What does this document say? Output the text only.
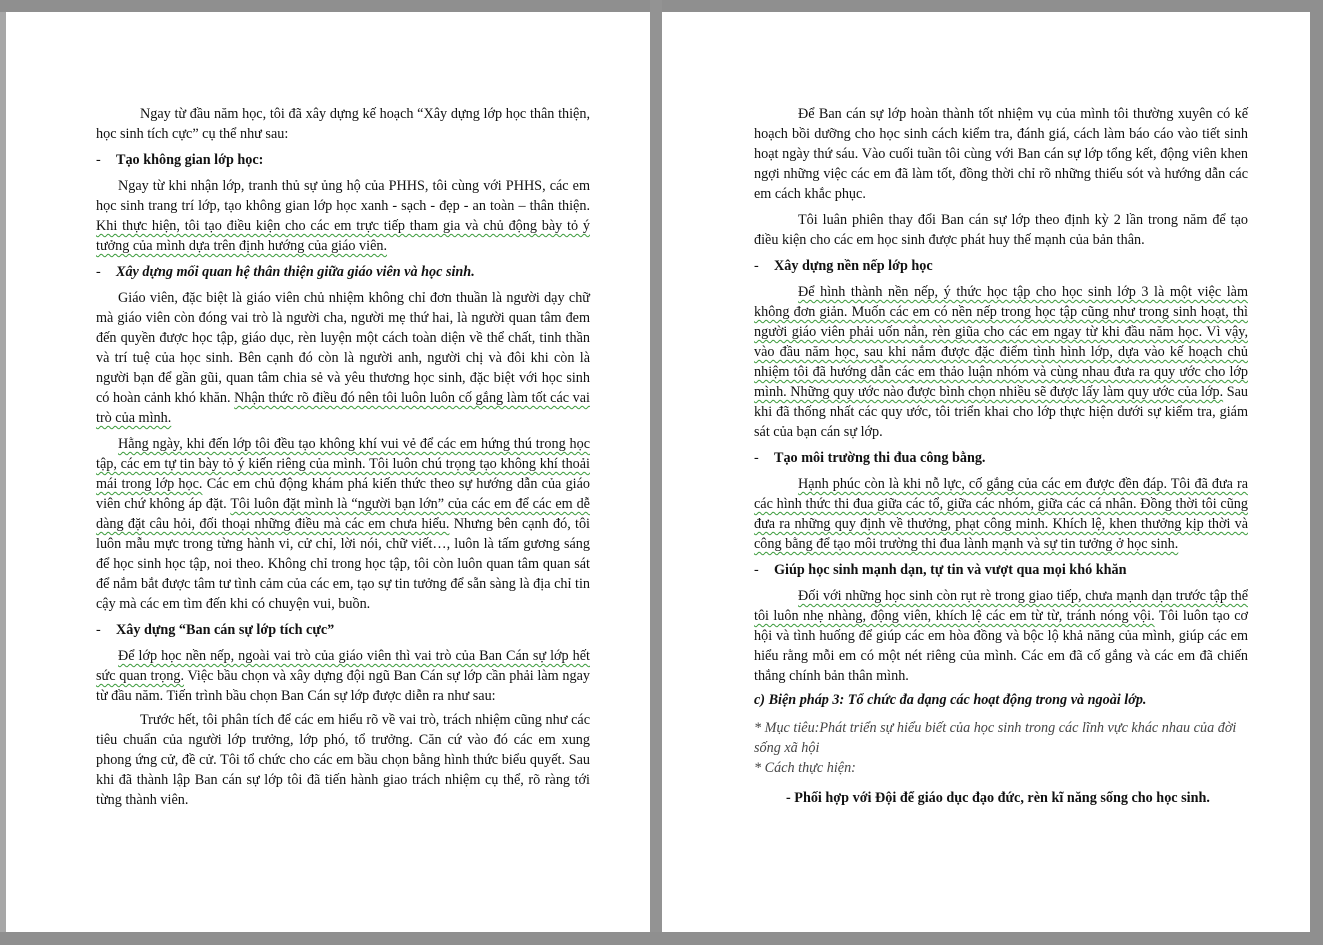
Ngay từ đầu năm học, tôi đã xây dựng kế hoạch “Xây dựng lớp học thân thiện, học sinh tích cực” cụ thể như sau:

-	Tạo không gian lớp học:

Ngay từ khi nhận lớp, tranh thủ sự ủng hộ của PHHS, tôi cùng với PHHS, các em học sinh trang trí lớp, tạo không gian lớp học xanh - sạch - đẹp - an toàn – thân thiện. Khi thực hiện, tôi tạo điều kiện cho các em trực tiếp tham gia và chủ động bày tỏ ý tưởng của mình dựa trên định hướng của giáo viên.

-	Xây dựng mối quan hệ thân thiện giữa giáo viên và học sinh.

Giáo viên, đặc biệt là giáo viên chủ nhiệm không chỉ đơn thuần là người dạy chữ mà giáo viên còn đóng vai trò là người cha, người mẹ thứ hai, là người quan tâm đem đến quyền được học tập, giáo dục, rèn luyện một cách toàn diện về thể chất, tinh thần và trí tuệ của học sinh. Bên cạnh đó còn là người anh, người chị và đôi khi còn là người bạn để gần gũi, quan tâm chia sẻ và yêu thương học sinh, đặc biệt với học sinh có hoàn cảnh khó khăn. Nhận thức rõ điều đó nên tôi luôn luôn cố gắng làm tốt các vai trò của mình.

Hằng ngày, khi đến lớp tôi đều tạo không khí vui vẻ để các em hứng thú trong học tập, các em tự tin bày tỏ ý kiến riêng của mình. Tôi luôn chú trọng tạo không khí thoải mái trong lớp học. Các em chủ động khám phá kiến thức theo sự hướng dẫn của giáo viên chứ không áp đặt. Tôi luôn đặt mình là “người bạn lớn” của các em để các em dễ dàng đặt câu hỏi, đối thoại những điều mà các em chưa hiểu. Nhưng bên cạnh đó, tôi luôn mẫu mực trong từng hành vi, cử chỉ, lời nói, chữ viết…, luôn là tấm gương sáng để học sinh học tập, noi theo. Không chỉ trong học tập, tôi còn luôn quan tâm quan sát để nắm bắt được tâm tư tình cảm của các em, tạo sự tin tưởng để sẵn sàng là địa chỉ tin cậy mà các em tìm đến khi có chuyện vui, buồn.

-	Xây dựng “Ban cán sự lớp tích cực”

Để lớp học nền nếp, ngoài vai trò của giáo viên thì vai trò của Ban Cán sự lớp hết sức quan trọng. Việc bầu chọn và xây dựng đội ngũ Ban Cán sự lớp cần phải làm ngay từ đầu năm. Tiến trình bầu chọn Ban Cán sự lớp được diễn ra như sau:

Trước hết, tôi phân tích để các em hiểu rõ về vai trò, trách nhiệm cũng như các tiêu chuẩn của người lớp trưởng, lớp phó, tổ trưởng. Căn cứ vào đó các em xung phong ứng cử, đề cử. Tôi tổ chức cho các em bầu chọn bằng hình thức biểu quyết. Sau khi đã thành lập Ban cán sự lớp tôi đã tiến hành giao trách nhiệm cụ thể, rõ ràng tới từng thành viên.

Để Ban cán sự lớp hoàn thành tốt nhiệm vụ của mình tôi thường xuyên có kế hoạch bồi dưỡng cho học sinh cách kiểm tra, đánh giá, cách làm báo cáo vào tiết sinh hoạt ngày thứ sáu. Vào cuối tuần tôi cùng với Ban cán sự lớp tổng kết, động viên khen ngợi những việc các em đã làm tốt, đồng thời chỉ rõ những thiếu sót và hướng dẫn các em cách khắc phục.

Tôi luân phiên thay đổi Ban cán sự lớp theo định kỳ 2 lần trong năm để tạo điều kiện cho các em học sinh được phát huy thế mạnh của bản thân.

-	Xây dựng nền nếp lớp học

Để hình thành nền nếp, ý thức học tập cho học sinh lớp 3 là một việc làm không đơn giản. Muốn các em có nền nếp trong học tập cũng như trong sinh hoạt, thì người giáo viên phải uốn nắn, rèn giũa cho các em ngay từ khi đầu năm học. Vì vậy, vào đầu năm học, sau khi nắm được đặc điểm tình hình lớp, dựa vào kế hoạch chủ nhiệm tôi đã hướng dẫn các em thảo luận nhóm và cùng nhau đưa ra quy ước cho lớp mình. Những quy ước nào được bình chọn nhiều sẽ được lấy làm quy ước của lớp. Sau khi đã thống nhất các quy ước, tôi triển khai cho lớp thực hiện dưới sự kiểm tra, giám sát của bạn cán sự lớp.

-	Tạo môi trường thi đua công bằng.

Hạnh phúc còn là khi nỗ lực, cố gắng của các em được đền đáp. Tôi đã đưa ra các hình thức thi đua giữa các tổ, giữa các nhóm, giữa các cá nhân. Đồng thời tôi cũng đưa ra những quy định về thưởng, phạt công minh. Khích lệ, khen thưởng kịp thời và công bằng để tạo môi trường thi đua lành mạnh và sự tin tưởng ở học sinh.

-	Giúp học sinh mạnh dạn, tự tin và vượt qua mọi khó khăn

Đối với những học sinh còn rụt rè trong giao tiếp, chưa mạnh dạn trước tập thể tôi luôn nhẹ nhàng, động viên, khích lệ các em từ từ, tránh nóng vội. Tôi luôn tạo cơ hội và tình huống để giúp các em hòa đồng và bộc lộ khả năng của mình, giúp các em hiểu rằng mỗi em có một nét riêng của mình. Các em đã cố gắng và các em đã chiến thắng chính bản thân mình.

c) Biện pháp 3: Tổ chức đa dạng các hoạt động trong và ngoài lớp.

* Mục tiêu:Phát triển sự hiểu biết của học sinh trong các lĩnh vực khác nhau của đời sống xã hội

* Cách thực hiện:

- Phối hợp với Đội để giáo dục đạo đức, rèn kĩ năng sống cho học sinh.
